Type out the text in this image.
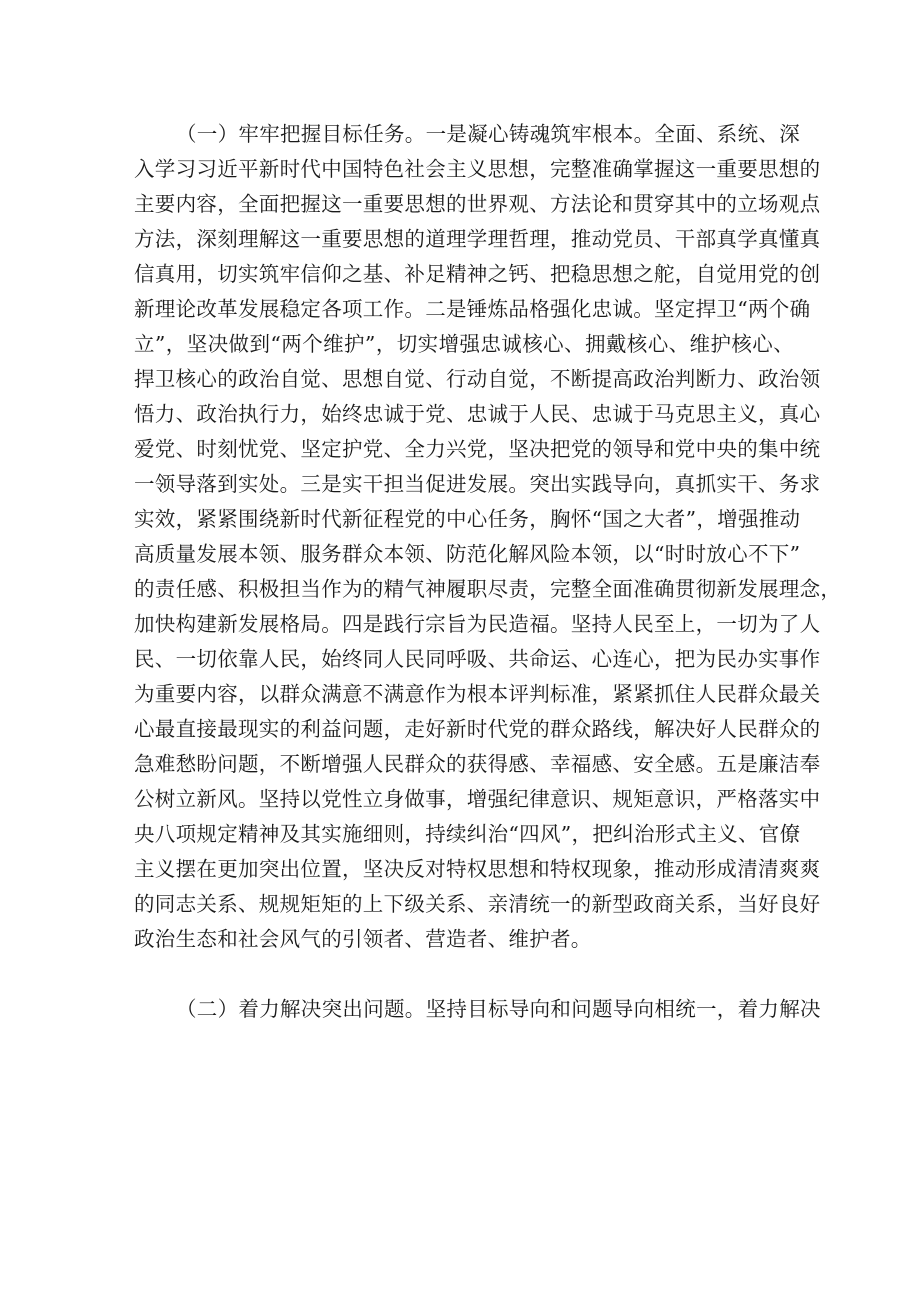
（一）牢牢把握目标任务。一是凝心铸魂筑牢根本。全面、系统、深
入学习习近平新时代中国特色社会主义思想，完整准确掌握这一重要思想的
主要内容，全面把握这一重要思想的世界观、方法论和贯穿其中的立场观点
方法，深刻理解这一重要思想的道理学理哲理，推动党员、干部真学真懂真
信真用，切实筑牢信仰之基、补足精神之钙、把稳思想之舵，自觉用党的创
新理论改革发展稳定各项工作。二是锤炼品格强化忠诚。坚定捍卫“两个确
立”，坚决做到“两个维护”，切实增强忠诚核心、拥戴核心、维护核心、
捍卫核心的政治自觉、思想自觉、行动自觉，不断提高政治判断力、政治领
悟力、政治执行力，始终忠诚于党、忠诚于人民、忠诚于马克思主义，真心
爱党、时刻忧党、坚定护党、全力兴党，坚决把党的领导和党中央的集中统
一领导落到实处。三是实干担当促进发展。突出实践导向，真抓实干、务求
实效，紧紧围绕新时代新征程党的中心任务，胸怀“国之大者”，增强推动
高质量发展本领、服务群众本领、防范化解风险本领，以“时时放心不下”
的责任感、积极担当作为的精气神履职尽责，完整全面准确贯彻新发展理念，
加快构建新发展格局。四是践行宗旨为民造福。坚持人民至上，一切为了人
民、一切依靠人民，始终同人民同呼吸、共命运、心连心，把为民办实事作
为重要内容，以群众满意不满意作为根本评判标准，紧紧抓住人民群众最关
心最直接最现实的利益问题，走好新时代党的群众路线，解决好人民群众的
急难愁盼问题，不断增强人民群众的获得感、幸福感、安全感。五是廉洁奉
公树立新风。坚持以党性立身做事，增强纪律意识、规矩意识，严格落实中
央八项规定精神及其实施细则，持续纠治“四风”，把纠治形式主义、官僚
主义摆在更加突出位置，坚决反对特权思想和特权现象，推动形成清清爽爽
的同志关系、规规矩矩的上下级关系、亲清统一的新型政商关系，当好良好
政治生态和社会风气的引领者、营造者、维护者。
（二）着力解决突出问题。坚持目标导向和问题导向相统一，着力解决
